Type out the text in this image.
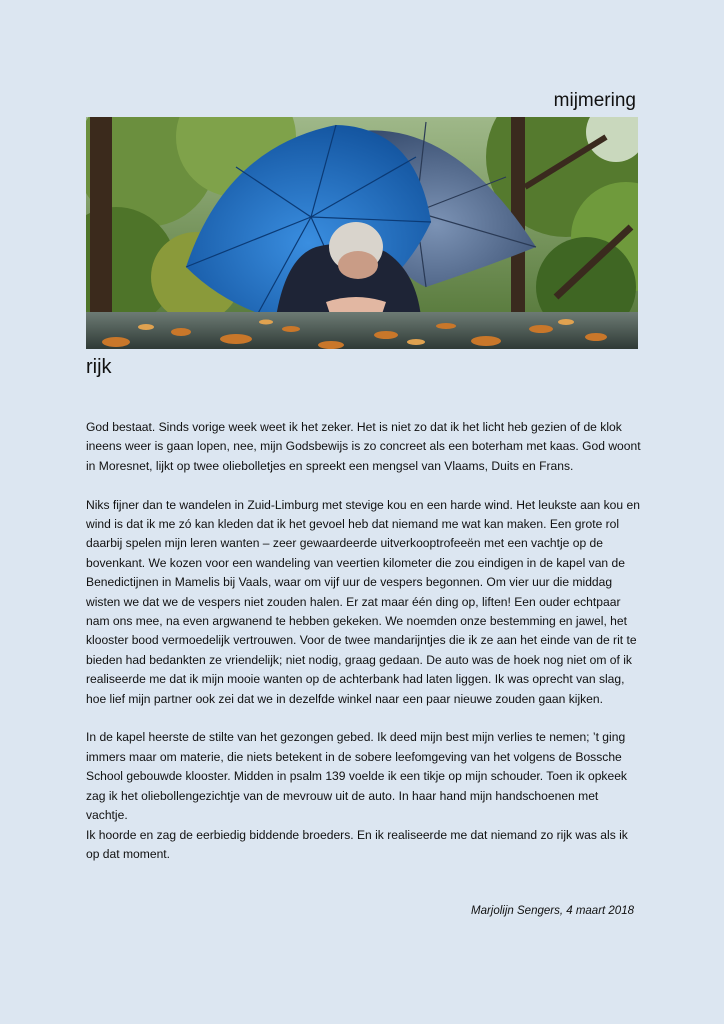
mijmering
rijk

God bestaat. Sinds vorige week weet ik het zeker. Het is niet zo dat ik het licht heb gezien of de klok ineens weer is gaan lopen, nee, mijn Godsbewijs is zo concreet als een boterham met kaas. God woont in Moresnet, lijkt op twee oliebolletjes en spreekt een mengsel van Vlaams, Duits en Frans.

Niks fijner dan te wandelen in Zuid-Limburg met stevige kou en een harde wind. Het leukste aan kou en wind is dat ik me zó kan kleden dat ik het gevoel heb dat niemand me wat kan maken. Een grote rol daarbij spelen mijn leren wanten – zeer gewaardeerde uitverkooptrofeeën met een vachtje op de bovenkant. We kozen voor een wandeling van veertien kilometer die zou eindigen in de kapel van de Benedictijnen in Mamelis bij Vaals, waar om vijf uur de vespers begonnen. Om vier uur die middag wisten we dat we de vespers niet zouden halen. Er zat maar één ding op, liften! Een ouder echtpaar nam ons mee, na even argwanend te hebben gekeken. We noemden onze bestemming en jawel, het klooster bood vermoedelijk vertrouwen. Voor de twee mandarijntjes die ik ze aan het einde van de rit te bieden had bedankten ze vriendelijk; niet nodig, graag gedaan. De auto was de hoek nog niet om of ik realiseerde me dat ik mijn mooie wanten op de achterbank had laten liggen. Ik was oprecht van slag, hoe lief mijn partner ook zei dat we in dezelfde winkel naar een paar nieuwe zouden gaan kijken.

In de kapel heerste de stilte van het gezongen gebed. Ik deed mijn best mijn verlies te nemen; ’t ging immers maar om materie, die niets betekent in de sobere leefomgeving van het volgens de Bossche School gebouwde klooster. Midden in psalm 139 voelde ik een tikje op mijn schouder. Toen ik opkeek zag ik het oliebollengezichtje van de mevrouw uit de auto. In haar hand mijn handschoenen met vachtje.

Ik hoorde en zag de eerbiedig biddende broeders. En ik realiseerde me dat niemand zo rijk was als ik op dat moment.

Marjolijn Sengers, 4 maart 2018
